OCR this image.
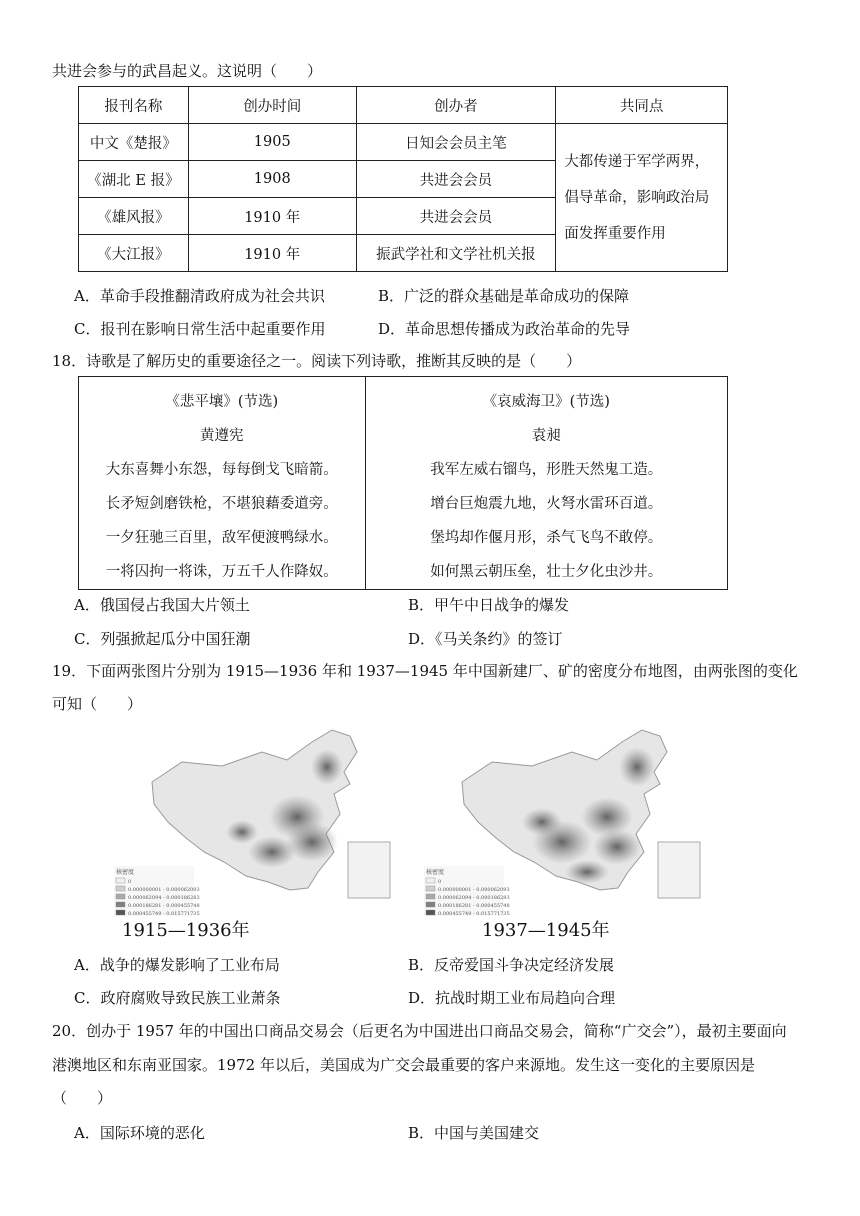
共进会参与的武昌起义。这说明（　　）
报刊名称	创办时间	创办者	共同点
中文《楚报》	1905	日知会会员主笔	大都传递于军学两界，
倡导革命，影响政治局
面发挥重要作用

《湖北 E 报》	1908	共进会会员	
《雄风报》	1910 年	共进会会员	
《大江报》	1910 年	振武学社和文学社机关报	
A．革命手段推翻清政府成为社会共识	B．广泛的群众基础是革命成功的保障
C．报刊在影响日常生活中起重要作用	D．革命思想传播成为政治革命的先导
18．诗歌是了解历史的重要途径之一。阅读下列诗歌，推断其反映的是（　　）
《悲平壤》(节选)
黄遵宪
大东喜舞小东怨，每每倒戈飞暗箭。
长矛短剑磨铁枪，不堪狼藉委道旁。
一夕狂驰三百里，敌军便渡鸭绿水。
一将囚拘一将诛，万五千人作降奴。

《哀威海卫》(节选)
袁昶
我军左威右镏鸟，形胜天然鬼工造。
增台巨炮震九地，火弩水雷环百道。
堡坞却作偃月形，杀气飞鸟不敢停。
如何黑云朝压垒，壮士夕化虫沙井。
A．俄国侵占我国大片领土	B．甲午中日战争的爆发
C．列强掀起瓜分中国狂潮	D．《马关条约》的签订
19．下面两张图片分别为 1915—1936 年和 1937—1945 年中国新建厂、矿的密度分布地图，由两张图的变化
可知（　　）
核密度
0
0.000000001 - 0.000062093
0.000062094 - 0.000186283
0.000186281 - 0.000455748
0.000455749 - 0.015771735
1915—1936年
核密度
0
0.000000001 - 0.000062093
0.000062094 - 0.000186283
0.000186281 - 0.000455748
0.000455749 - 0.015771735
1937—1945年
A．战争的爆发影响了工业布局	B．反帝爱国斗争决定经济发展
C．政府腐败导致民族工业萧条	D．抗战时期工业布局趋向合理
20．创办于 1957 年的中国出口商品交易会（后更名为中国进出口商品交易会，简称“广交会”），最初主要面向
港澳地区和东南亚国家。1972 年以后，美国成为广交会最重要的客户来源地。发生这一变化的主要原因是
（　　）
A．国际环境的恶化	B．中国与美国建交
